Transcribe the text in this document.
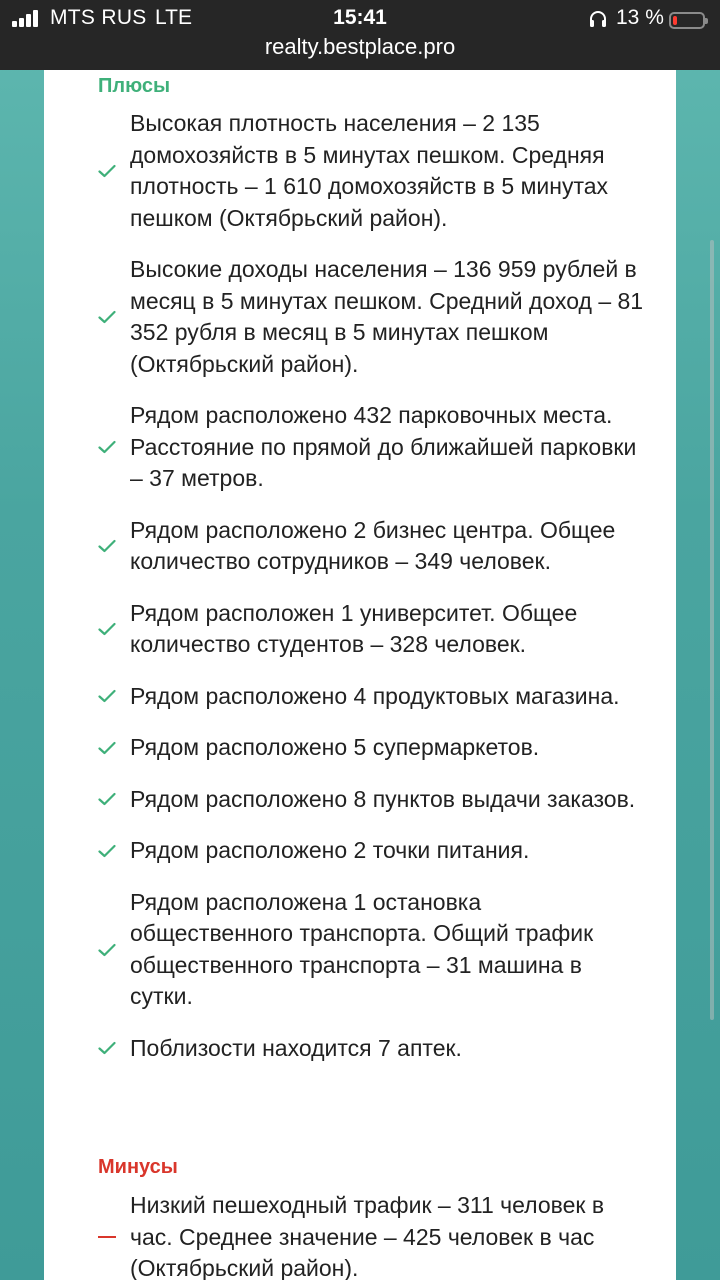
MTS RUS LTE	15:41	13 %
realty.bestplace.pro
Плюсы
Высокая плотность населения – 2 135 домохозяйств в 5 минутах пешком. Средняя плотность – 1 610 домохозяйств в 5 минутах пешком (Октябрьский район).
Высокие доходы населения – 136 959 рублей в месяц в 5 минутах пешком. Средний доход – 81 352 рубля в месяц в 5 минутах пешком (Октябрьский район).
Рядом расположено 432 парковочных места. Расстояние по прямой до ближайшей парковки – 37 метров.
Рядом расположено 2 бизнес центра. Общее количество сотрудников – 349 человек.
Рядом расположен 1 университет. Общее количество студентов – 328 человек.
Рядом расположено 4 продуктовых магазина.
Рядом расположено 5 супермаркетов.
Рядом расположено 8 пунктов выдачи заказов.
Рядом расположено 2 точки питания.
Рядом расположена 1 остановка общественного транспорта. Общий трафик общественного транспорта – 31 машина в сутки.
Поблизости находится 7 аптек.
Минусы
Низкий пешеходный трафик – 311 человек в час. Среднее значение – 425 человек в час (Октябрьский район).
